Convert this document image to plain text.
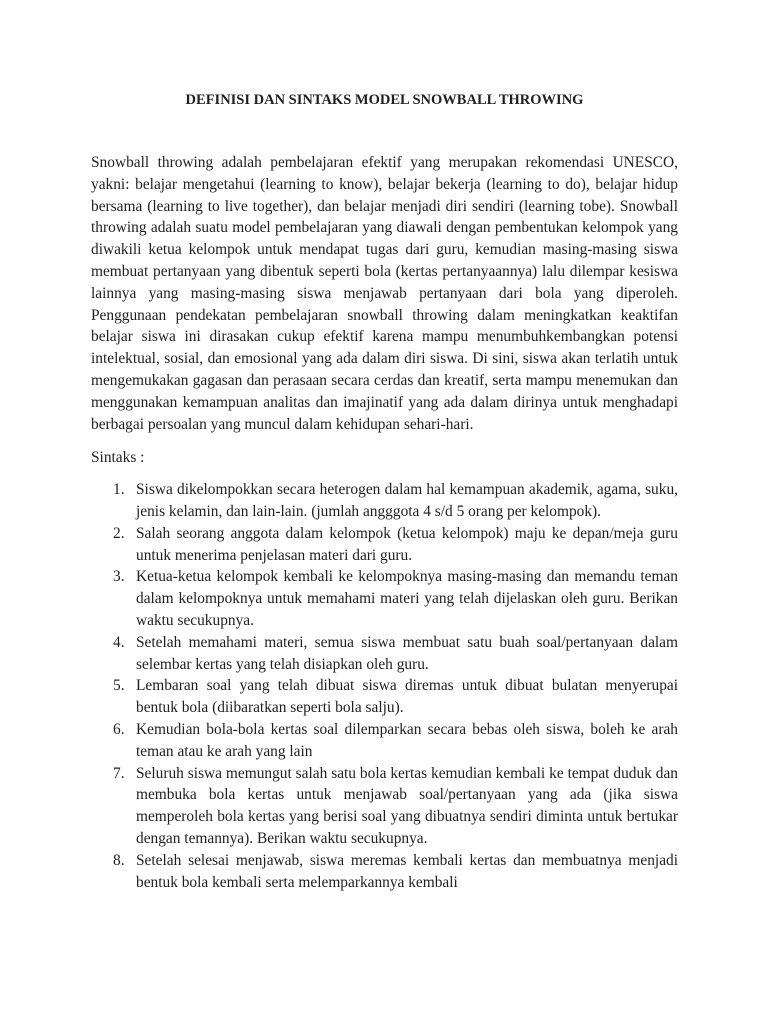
DEFINISI DAN SINTAKS MODEL SNOWBALL THROWING

Snowball throwing adalah pembelajaran efektif yang merupakan rekomendasi UNESCO, yakni: belajar mengetahui (learning to know), belajar bekerja (learning to do), belajar hidup bersama (learning to live together), dan belajar menjadi diri sendiri (learning tobe). Snowball throwing adalah suatu model pembelajaran yang diawali dengan pembentukan kelompok yang diwakili ketua kelompok untuk mendapat tugas dari guru, kemudian masing-masing siswa membuat pertanyaan yang dibentuk seperti bola (kertas pertanyaannya) lalu dilempar kesiswa lainnya yang masing-masing siswa menjawab pertanyaan dari bola yang diperoleh. Penggunaan pendekatan pembelajaran snowball throwing dalam meningkatkan keaktifan belajar siswa ini dirasakan cukup efektif karena mampu menumbuhkembangkan potensi intelektual, sosial, dan emosional yang ada dalam diri siswa. Di sini, siswa akan terlatih untuk mengemukakan gagasan dan perasaan secara cerdas dan kreatif, serta mampu menemukan dan menggunakan kemampuan analitas dan imajinatif yang ada dalam dirinya untuk menghadapi berbagai persoalan yang muncul dalam kehidupan sehari-hari.

Sintaks :

1. Siswa dikelompokkan secara heterogen dalam hal kemampuan akademik, agama, suku, jenis kelamin, dan lain-lain. (jumlah angggota 4 s/d 5 orang per kelompok).
2. Salah seorang anggota dalam kelompok (ketua kelompok) maju ke depan/meja guru untuk menerima penjelasan materi dari guru.
3. Ketua-ketua kelompok kembali ke kelompoknya masing-masing dan memandu teman dalam kelompoknya untuk memahami materi yang telah dijelaskan oleh guru. Berikan waktu secukupnya.
4. Setelah memahami materi, semua siswa membuat satu buah soal/pertanyaan dalam selembar kertas yang telah disiapkan oleh guru.
5. Lembaran soal yang telah dibuat siswa diremas untuk dibuat bulatan menyerupai bentuk bola (diibaratkan seperti bola salju).
6. Kemudian bola-bola kertas soal dilemparkan secara bebas oleh siswa, boleh ke arah teman atau ke arah yang lain
7. Seluruh siswa memungut salah satu bola kertas kemudian kembali ke tempat duduk dan membuka bola kertas untuk menjawab soal/pertanyaan yang ada (jika siswa memperoleh bola kertas yang berisi soal yang dibuatnya sendiri diminta untuk bertukar dengan temannya). Berikan waktu secukupnya.
8. Setelah selesai menjawab, siswa meremas kembali kertas dan membuatnya menjadi bentuk bola kembali serta melemparkannya kembali
